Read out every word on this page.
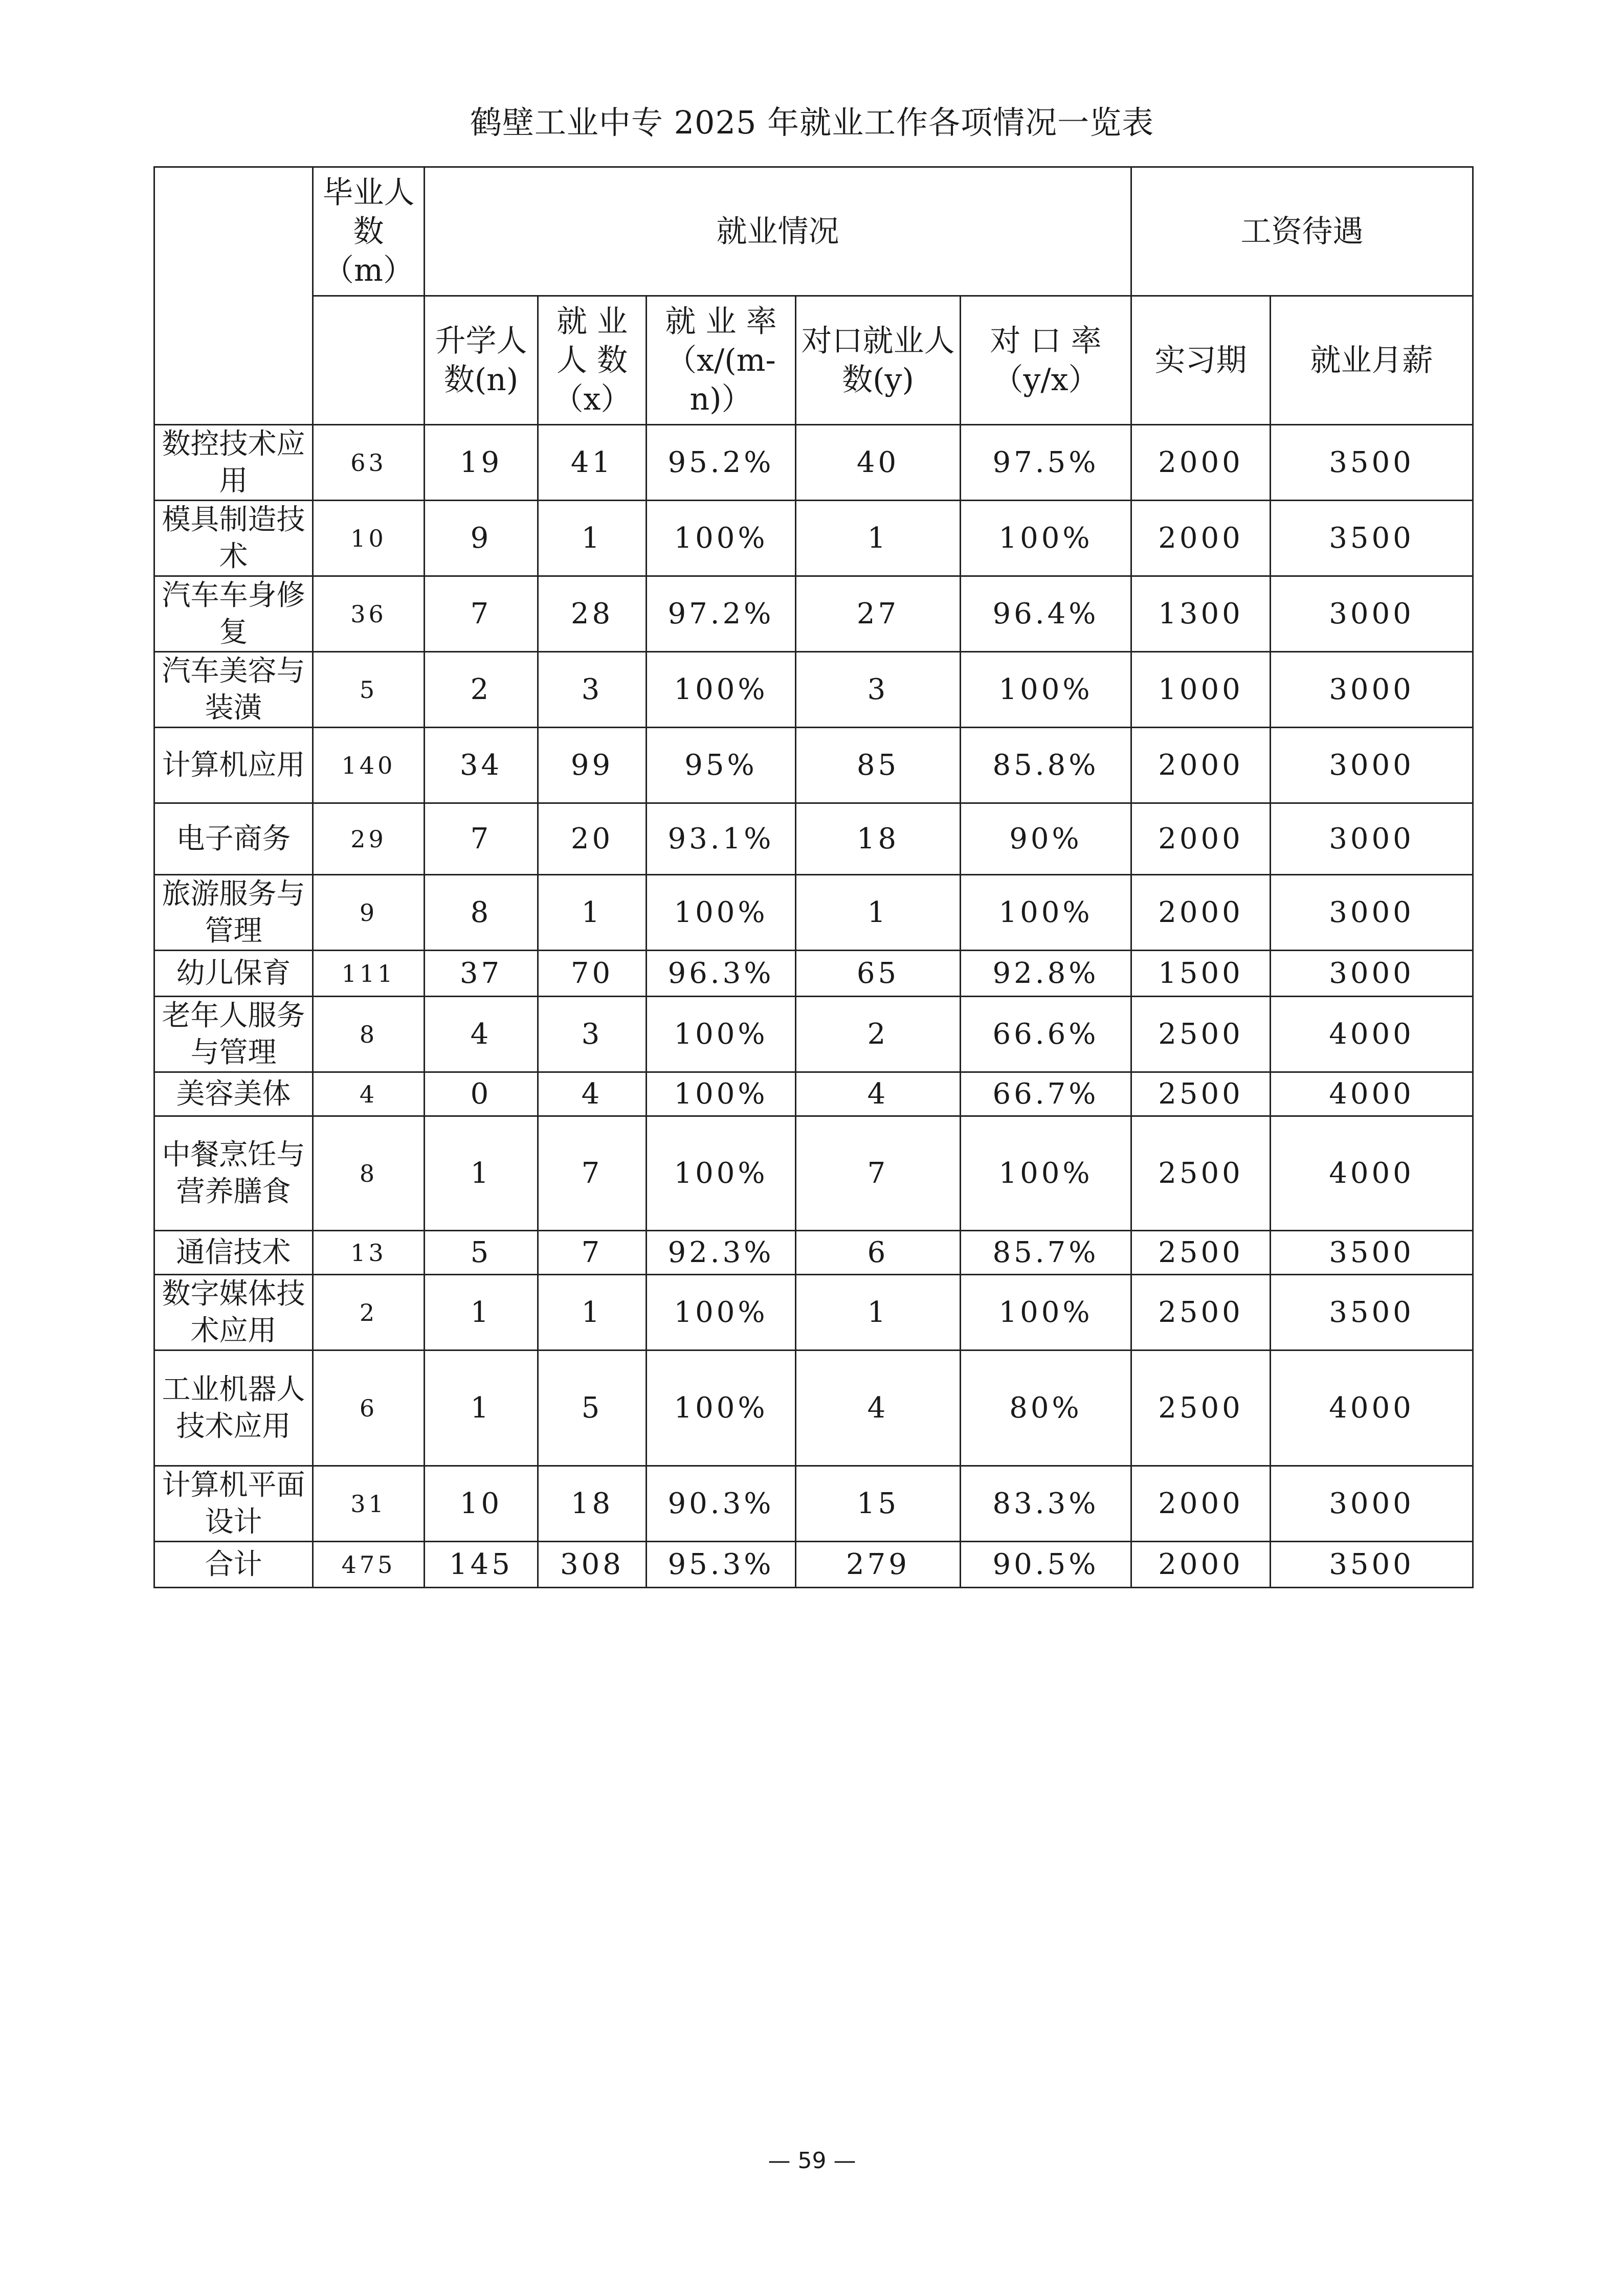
鹤壁工业中专 2025 年就业工作各项情况一览表
	毕业人数（m）	就业情况					工资待遇	
		升学人数(n)	就 业 人 数 （x）	就 业 率 （x/(m-n)）	对口就业人数(y)	对 口 率 （y/x）	实习期	就业月薪
数控技术应用	63	19	41	95.2%	40	97.5%	2000	3500
模具制造技术	10	9	1	100%	1	100%	2000	3500
汽车车身修复	36	7	28	97.2%	27	96.4%	1300	3000
汽车美容与装潢	5	2	3	100%	3	100%	1000	3000
计算机应用	140	34	99	95%	85	85.8%	2000	3000
电子商务	29	7	20	93.1%	18	90%	2000	3000
旅游服务与管理	9	8	1	100%	1	100%	2000	3000
幼儿保育	111	37	70	96.3%	65	92.8%	1500	3000
老年人服务与管理	8	4	3	100%	2	66.6%	2500	4000
美容美体	4	0	4	100%	4	66.7%	2500	4000
中餐烹饪与营养膳食	8	1	7	100%	7	100%	2500	4000
通信技术	13	5	7	92.3%	6	85.7%	2500	3500
数字媒体技术应用	2	1	1	100%	1	100%	2500	3500
工业机器人技术应用	6	1	5	100%	4	80%	2500	4000
计算机平面设计	31	10	18	90.3%	15	83.3%	2000	3000
合计	475	145	308	95.3%	279	90.5%	2000	3500
— 59 —
